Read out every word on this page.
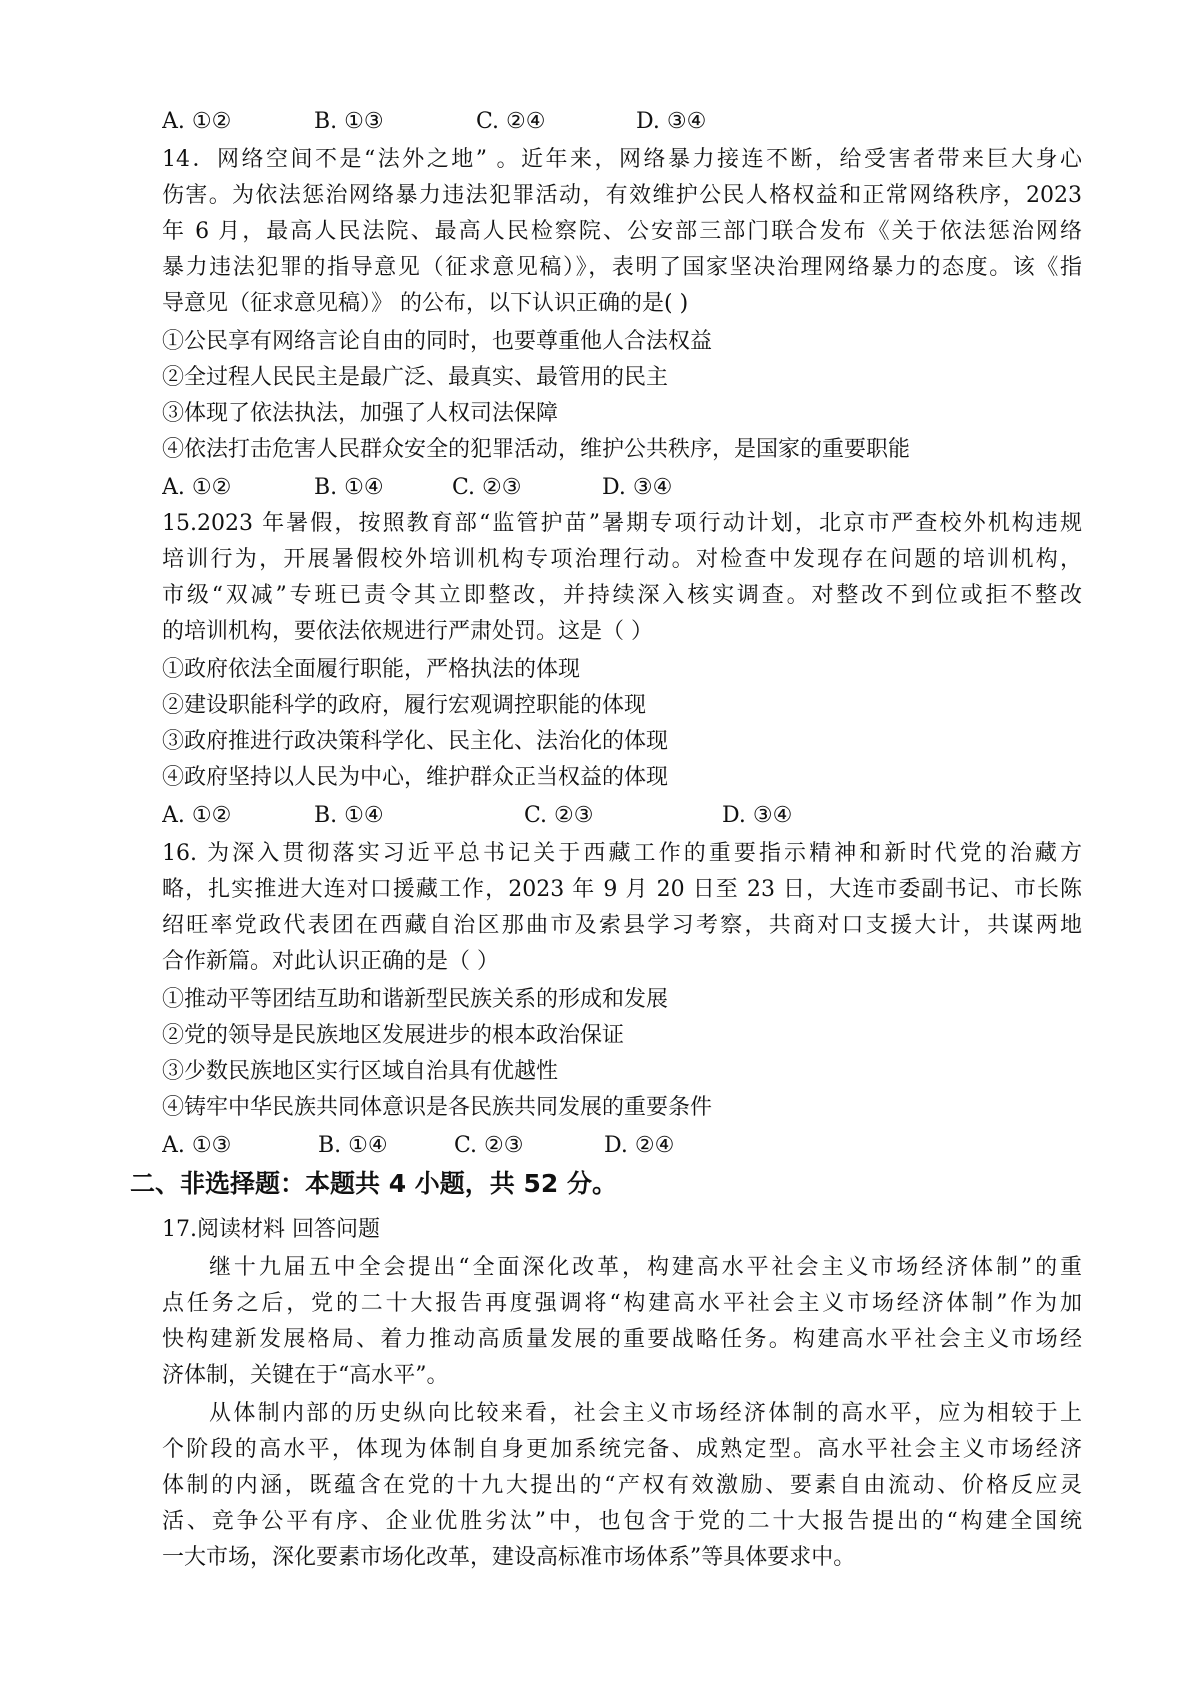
A. ①②	B. ①③	C. ②④	D. ③④
14．网络空间不是“法外之地” 。近年来，网络暴力接连不断，给受害者带来巨大身心
伤害。为依法惩治网络暴力违法犯罪活动，有效维护公民人格权益和正常网络秩序，2023
年 6 月，最高人民法院、最高人民检察院、公安部三部门联合发布《关于依法惩治网络
暴力违法犯罪的指导意见（征求意见稿）》，表明了国家坚决治理网络暴力的态度。该《指
导意见（征求意见稿）》 的公布，以下认识正确的是( )
①公民享有网络言论自由的同时，也要尊重他人合法权益
②全过程人民民主是最广泛、最真实、最管用的民主
③体现了依法执法，加强了人权司法保障
④依法打击危害人民群众安全的犯罪活动，维护公共秩序，是国家的重要职能
A. ①②	B. ①④	C. ②③	D. ③④
15.2023 年暑假，按照教育部“监管护苗”暑期专项行动计划，北京市严查校外机构违规
培训行为，开展暑假校外培训机构专项治理行动。对检查中发现存在问题的培训机构，
市级“双减”专班已责令其立即整改，并持续深入核实调查。对整改不到位或拒不整改
的培训机构，要依法依规进行严肃处罚。这是（ ）
①政府依法全面履行职能，严格执法的体现
②建设职能科学的政府，履行宏观调控职能的体现
③政府推进行政决策科学化、民主化、法治化的体现
④政府坚持以人民为中心，维护群众正当权益的体现
A. ①②	B. ①④	C. ②③	D. ③④
16. 为深入贯彻落实习近平总书记关于西藏工作的重要指示精神和新时代党的治藏方
略，扎实推进大连对口援藏工作，2023 年 9 月 20 日至 23 日，大连市委副书记、市长陈
绍旺率党政代表团在西藏自治区那曲市及索县学习考察，共商对口支援大计，共谋两地
合作新篇。对此认识正确的是（ ）
①推动平等团结互助和谐新型民族关系的形成和发展
②党的领导是民族地区发展进步的根本政治保证
③少数民族地区实行区域自治具有优越性
④铸牢中华民族共同体意识是各民族共同发展的重要条件
A. ①③	B. ①④	C. ②③	D. ②④
二、非选择题：本题共 4 小题，共 52 分。
17.阅读材料 回答问题
继十九届五中全会提出“全面深化改革，构建高水平社会主义市场经济体制”的重
点任务之后，党的二十大报告再度强调将“构建高水平社会主义市场经济体制”作为加
快构建新发展格局、着力推动高质量发展的重要战略任务。构建高水平社会主义市场经
济体制，关键在于“高水平”。
从体制内部的历史纵向比较来看，社会主义市场经济体制的高水平，应为相较于上
个阶段的高水平，体现为体制自身更加系统完备、成熟定型。高水平社会主义市场经济
体制的内涵，既蕴含在党的十九大提出的“产权有效激励、要素自由流动、价格反应灵
活、竞争公平有序、企业优胜劣汰”中，也包含于党的二十大报告提出的“构建全国统
一大市场，深化要素市场化改革，建设高标准市场体系”等具体要求中。
